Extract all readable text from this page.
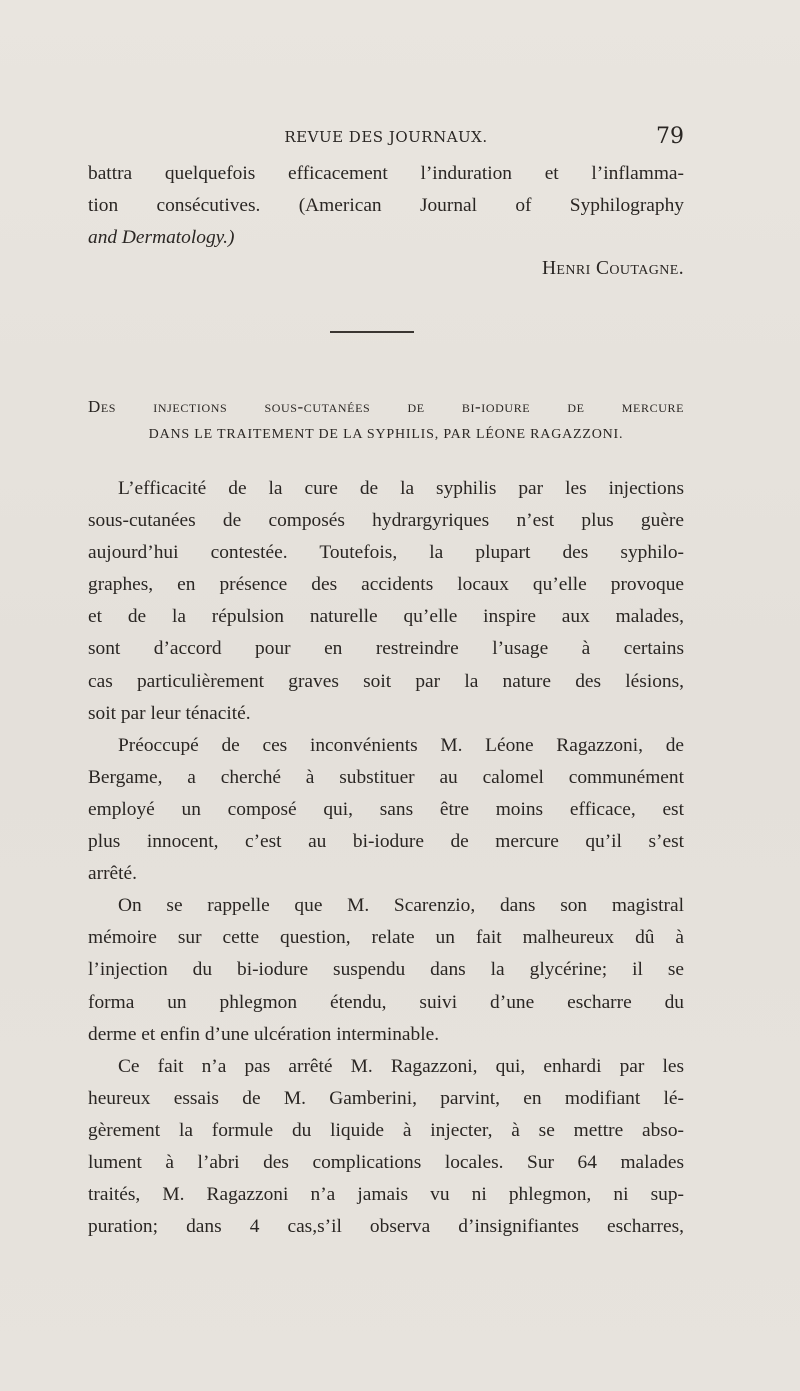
REVUE DES JOURNAUX.	79
battra quelquefois efficacement l’induration et l’inflamma-
tion consécutives. (American Journal of Syphilography
and Dermatology.)
Henri Coutagne.
Des injections sous-cutanées de bi-iodure de mercure
DANS LE TRAITEMENT DE LA SYPHILIS, PAR LÉONE RAGAZZONI.
L’efficacité de la cure de la syphilis par les injections
sous-cutanées de composés hydrargyriques n’est plus guère
aujourd’hui contestée. Toutefois, la plupart des syphilo-
graphes, en présence des accidents locaux qu’elle provoque
et de la répulsion naturelle qu’elle inspire aux malades,
sont d’accord pour en restreindre l’usage à certains
cas particulièrement graves soit par la nature des lésions,
soit par leur ténacité.
Préoccupé de ces inconvénients M. Léone Ragazzoni, de
Bergame, a cherché à substituer au calomel communément
employé un composé qui, sans être moins efficace, est
plus innocent, c’est au bi-iodure de mercure qu’il s’est
arrêté.
On se rappelle que M. Scarenzio, dans son magistral
mémoire sur cette question, relate un fait malheureux dû à
l’injection du bi-iodure suspendu dans la glycérine; il se
forma un phlegmon étendu, suivi d’une escharre du
derme et enfin d’une ulcération interminable.
Ce fait n’a pas arrêté M. Ragazzoni, qui, enhardi par les
heureux essais de M. Gamberini, parvint, en modifiant lé-
gèrement la formule du liquide à injecter, à se mettre abso-
lument à l’abri des complications locales. Sur 64 malades
traités, M. Ragazzoni n’a jamais vu ni phlegmon, ni sup-
puration; dans 4 cas,s’il observa d’insignifiantes escharres,
